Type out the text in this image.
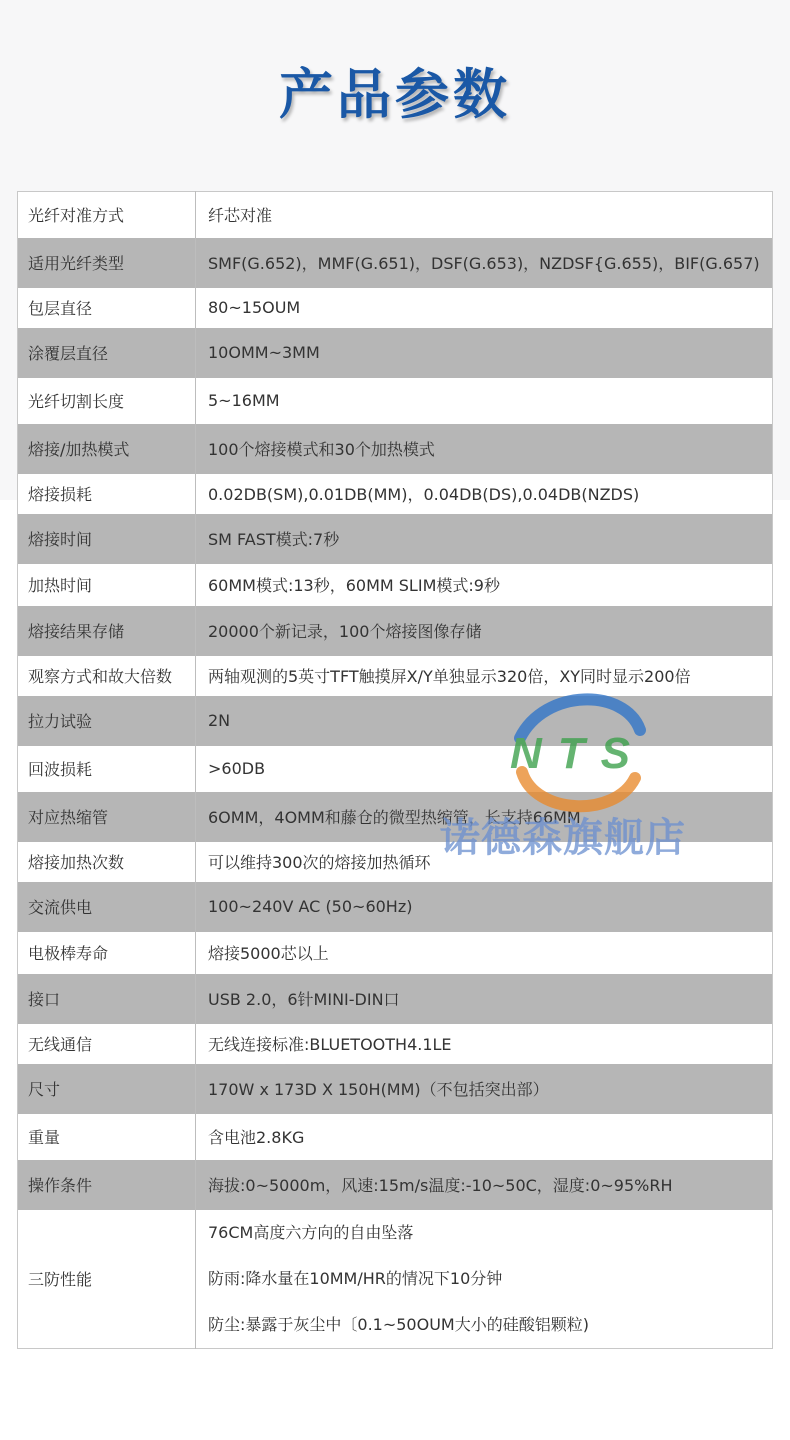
产品参数
光纤对准方式	纤芯对准
适用光纤类型	SMF(G.652)，MMF(G.651)，DSF(G.653)，NZDSF{G.655)，BIF(G.657)
包层直径	80~15OUM
涂覆层直径	10OMM~3MM
光纤切割长度	5~16MM
熔接/加热模式	100个熔接模式和30个加热模式
熔接损耗	0.02DB(SM),0.01DB(MM)，0.04DB(DS),0.04DB(NZDS)
熔接时间	SM FAST模式:7秒
加热时间	60MM模式:13秒，60MM SLIM模式:9秒
熔接结果存储	20000个新记录，100个熔接图像存储
观察方式和故大倍数	两轴观测的5英寸TFT触摸屏X/Y单独显示320倍，XY同时显示200倍
拉力试验	2N
回波损耗	>60DB
对应热缩管	6OMM，4OMM和藤仓的微型热缩管，长支持66MM
熔接加热次数	可以维持300次的熔接加热循环
交流供电	100~240V AC (50~60Hz)
电极棒寿命	熔接5000芯以上
接口	USB 2.0，6针MINI-DIN口
无线通信	无线连接标准:BLUETOOTH4.1LE
尺寸	170W x 173D X 150H(MM)（不包括突出部）
重量	含电池2.8KG
操作条件	海拔:0~5000m，风速:15m/s温度:-10~50C，湿度:0~95%RH
三防性能	76CM高度六方向的自由坠落
防雨:降水量在10MM/HR的情况下10分钟
防尘:暴露于灰尘中〔0.1~50OUM大小的硅酸铝颗粒)
NTS
诺德森旗舰店
